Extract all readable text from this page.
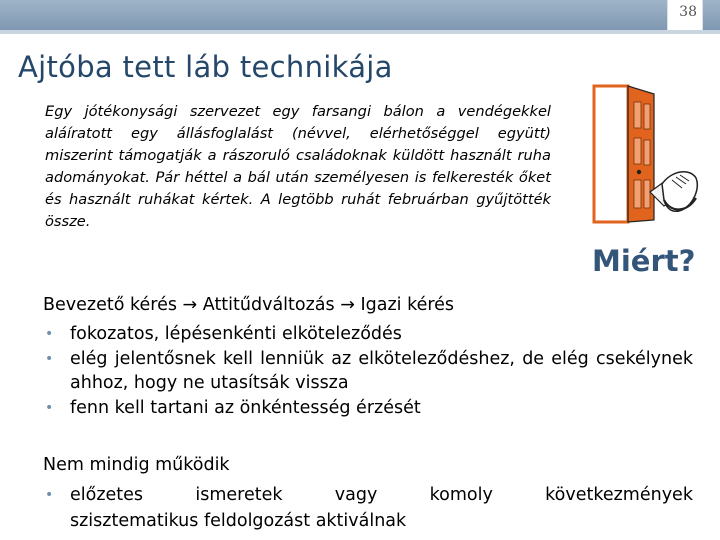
38
Ajtóba tett láb technikája

Egy jótékonysági szervezet egy farsangi bálon a vendégekkel aláíratott egy állásfoglalást (névvel, elérhetőséggel együtt) miszerint támogatják a rászoruló családoknak küldött használt ruha adományokat. Pár héttel a bál után személyesen is felkeresték őket és használt ruhákat kértek. A legtöbb ruhát februárban gyűjtötték össze.

Miért?
Bevezető kérés → Attitűdváltozás → Igazi kérés
• fokozatos, lépésenkénti elköteleződés
• elég jelentősnek kell lenniük az elköteleződéshez, de elég csekélynek ahhoz, hogy ne utasítsák vissza
• fenn kell tartani az önkéntesség érzését
Nem mindig működik
• előzetes	ismeretek	vagy	komoly	következmények
szisztematikus feldolgozást aktiválnak
